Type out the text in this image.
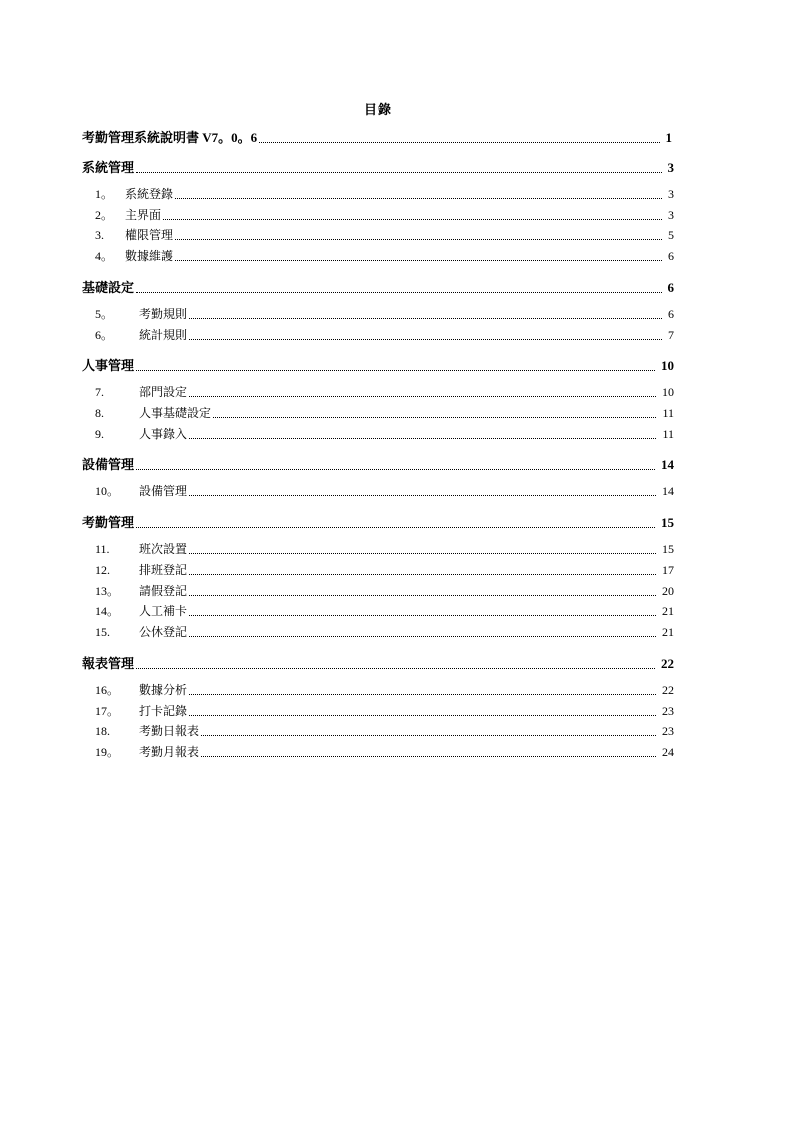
目錄
考勤管理系統說明書 V7。0。6	1
系統管理	3
1。 系統登錄	3
2。 主界面	3
3.	權限管理	5
4。 數據維護	6
基礎設定	6
5。	考勤規則	6
6。	統計規則	7
人事管理	10
7.	部門設定	10
8.	人事基礎設定	11
9.	人事錄入	11
設備管理	14
10。	設備管理	14
考勤管理	15
11.	班次設置	15
12.	排班登記	17
13。	請假登記	20
14。	人工補卡	21
15.	公休登記	21
報表管理	22
16。	數據分析	22
17。	打卡記錄	23
18.	考勤日報表	23
19。	考勤月報表	24
